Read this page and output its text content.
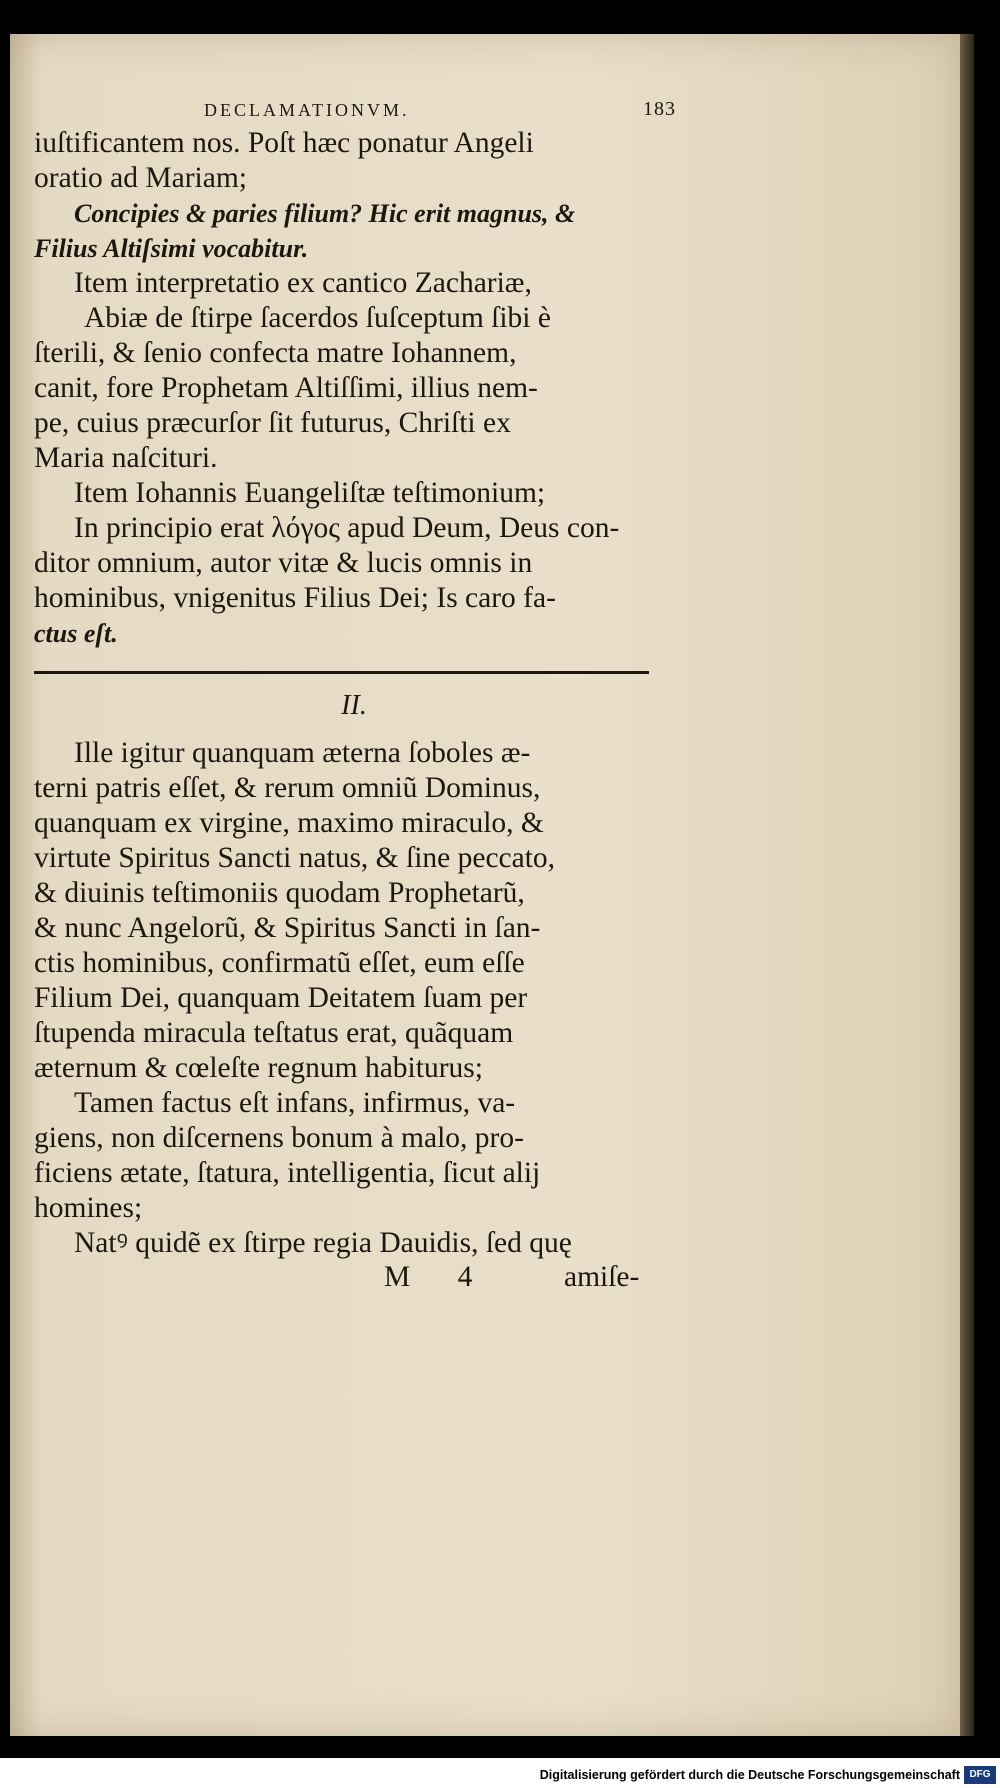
DECLAMATIONVM.	183
iuſtificantem nos. Poſt hæc ponatur Angeli
oratio ad Mariam;
Concipies & paries filium? Hic erit magnus, &
Filius Altiſsimi vocabitur.
Item interpretatio ex cantico Zachariæ,
Abiæ de ſtirpe ſacerdos ſuſceptum ſibi è
ſterili, & ſenio confecta matre Iohannem,
canit, fore Prophetam Altiſſimi, illius nem-
pe, cuius præcurſor ſit futurus, Chriſti ex
Maria naſcituri.
Item Iohannis Euangeliſtæ teſtimonium;
In principio erat λόγος apud Deum, Deus con-
ditor omnium, autor vitæ & lucis omnis in
hominibus, vnigenitus Filius Dei; Is caro fa-
ctus eſt.
II.
Ille igitur quanquam æterna ſoboles æ-
terni patris eſſet, & rerum omniũ Dominus,
quanquam ex virgine, maximo miraculo, &
virtute Spiritus Sancti natus, & ſine peccato,
& diuinis teſtimoniis quodam Prophetarũ,
& nunc Angelorũ, & Spiritus Sancti in ſan-
ctis hominibus, confirmatũ eſſet, eum eſſe
Filium Dei, quanquam Deitatem ſuam per
ſtupenda miracula teſtatus erat, quãquam
æternum & cœleſte regnum habiturus;
Tamen factus eſt infans, infirmus, va-
giens, non diſcernens bonum à malo, pro-
ficiens ætate, ſtatura, intelligentia, ſicut alij
homines;
Natꝰ quidẽ ex ſtirpe regia Dauidis, ſed quę
M 4 amiſe-
Digitalisierung gefördert durch die Deutsche Forschungsgemeinschaft DFG
